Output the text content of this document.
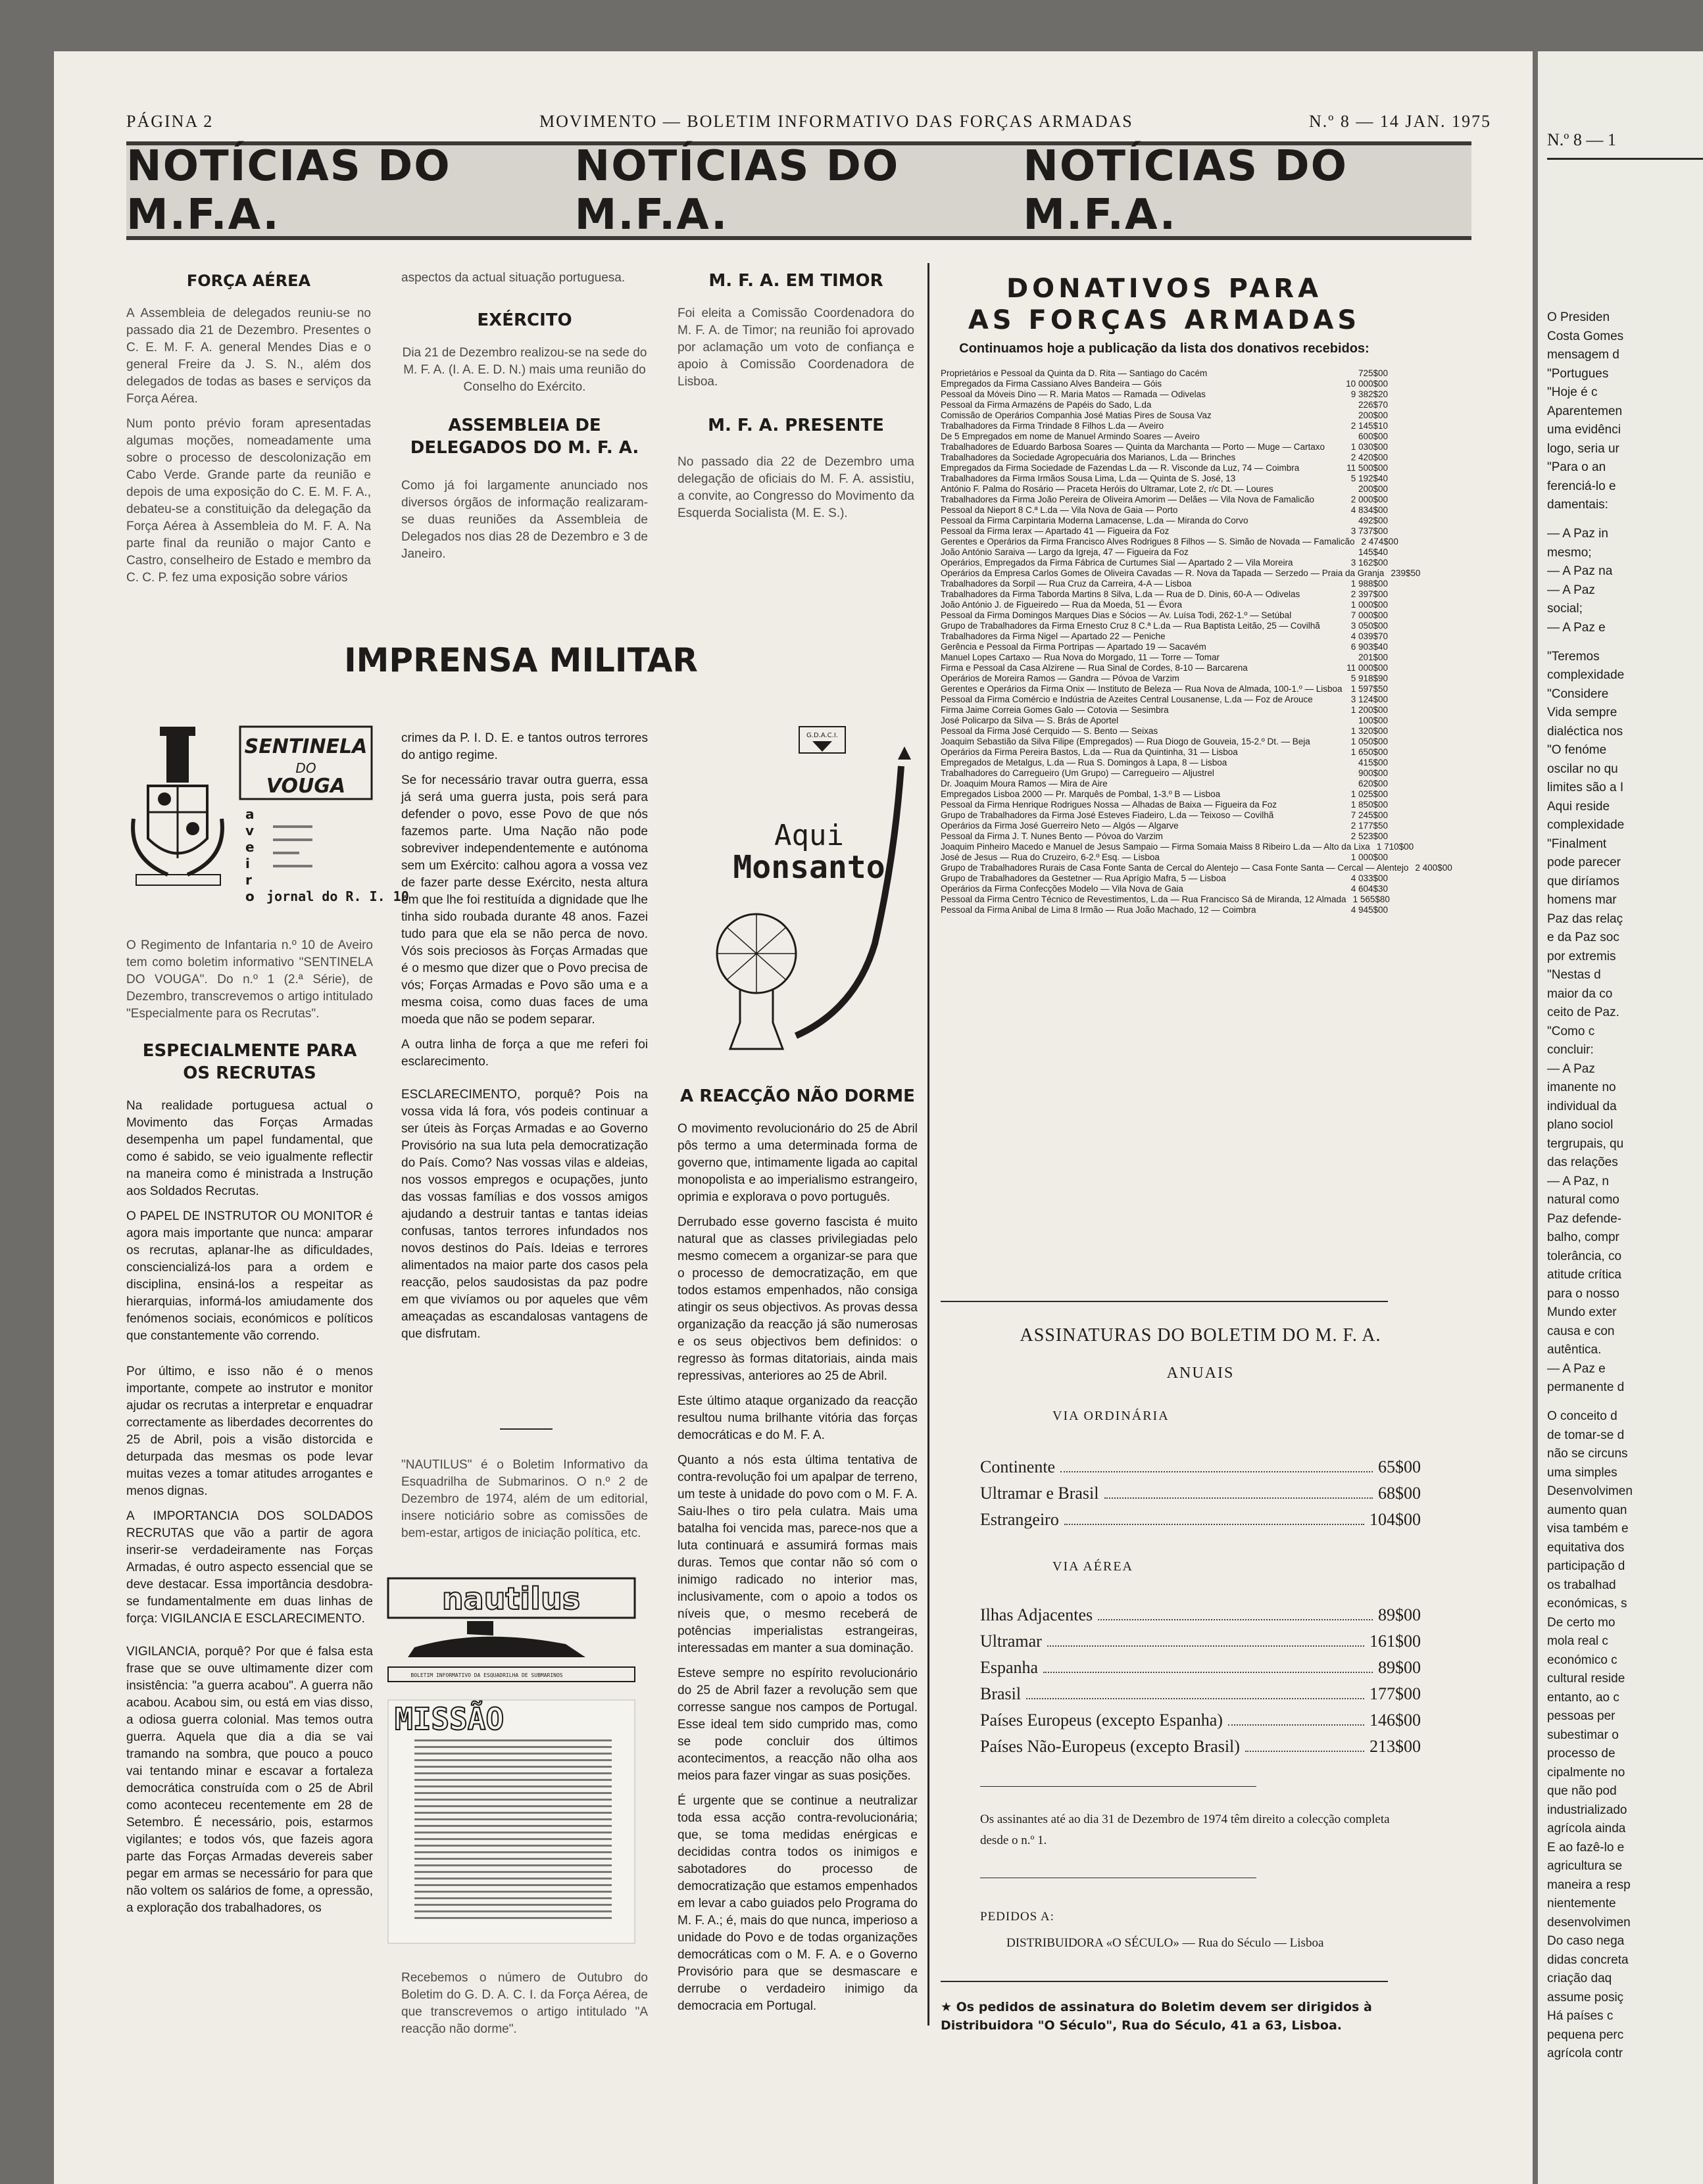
PÁGINA 2	MOVIMENTO — BOLETIM INFORMATIVO DAS FORÇAS ARMADAS	N.º 8 — 14 JAN. 1975
NOTÍCIAS DO M.F.A.
NOTÍCIAS DO M.F.A.
NOTÍCIAS DO M.F.A.

FORÇA AÉREA

A Assembleia de delegados reuniu-se no passado dia 21 de Dezembro. Presentes o C. E. M. F. A. general Mendes Dias e o general Freire da J. S. N., além dos delegados de todas as bases e serviços da Força Aérea.

Num ponto prévio foram apresentadas algumas moções, nomeadamente uma sobre o processo de descolonização em Cabo Verde. Grande parte da reunião e depois de uma exposição do C. E. M. F. A., debateu-se a constituição da delegação da Força Aérea à Assembleia do M. F. A. Na parte final da reunião o major Canto e Castro, conselheiro de Estado e membro da C. C. P. fez uma exposição sobre vários

aspectos da actual situação portuguesa.

EXÉRCITO

Dia 21 de Dezembro realizou-se na sede do M. F. A. (I. A. E. D. N.) mais uma reunião do Conselho do Exército.

ASSEMBLEIA DE DELEGADOS DO M. F. A.

Como já foi largamente anunciado nos diversos órgãos de informação realizaram-se duas reuniões da Assembleia de Delegados nos dias 28 de Dezembro e 3 de Janeiro.

M. F. A. EM TIMOR

Foi eleita a Comissão Coordenadora do M. F. A. de Timor; na reunião foi aprovado por aclamação um voto de confiança e apoio à Comissão Coordenadora de Lisboa.

M. F. A. PRESENTE

No passado dia 22 de Dezembro uma delegação de oficiais do M. F. A. assistiu, a convite, ao Congresso do Movimento da Esquerda Socialista (M. E. S.).

IMPRENSA MILITAR
SENTINELA
DO
VOUGA
a
v
e
i
r
o jornal do R. I. 10

O Regimento de Infantaria n.º 10 de Aveiro tem como boletim informativo "SENTINELA DO VOUGA". Do n.º 1 (2.ª Série), de Dezembro, transcrevemos o artigo intitulado "Especialmente para os Recrutas".

ESPECIALMENTE PARA OS RECRUTAS

Na realidade portuguesa actual o Movimento das Forças Armadas desempenha um papel fundamental, que como é sabido, se veio igualmente reflectir na maneira como é ministrada a Instrução aos Soldados Recrutas.

O PAPEL DE INSTRUTOR OU MONITOR é agora mais importante que nunca: amparar os recrutas, aplanar-lhe as dificuldades, consciencializá-los para a ordem e disciplina, ensiná-los a respeitar as hierarquias, informá-los amiudamente dos fenómenos sociais, económicos e políticos que constantemente vão correndo.

Por último, e isso não é o menos importante, compete ao instrutor e monitor ajudar os recrutas a interpretar e enquadrar correctamente as liberdades decorrentes do 25 de Abril, pois a visão distorcida e deturpada das mesmas os pode levar muitas vezes a tomar atitudes arrogantes e menos dignas.

A IMPORTANCIA DOS SOLDADOS RECRUTAS que vão a partir de agora inserir-se verdadeiramente nas Forças Armadas, é outro aspecto essencial que se deve destacar. Essa importância desdobra-se fundamentalmente em duas linhas de força: VIGILANCIA E ESCLARECIMENTO.

VIGILANCIA, porquê? Por que é falsa esta frase que se ouve ultimamente dizer com insistência: "a guerra acabou". A guerra não acabou. Acabou sim, ou está em vias disso, a odiosa guerra colonial. Mas temos outra guerra. Aquela que dia a dia se vai tramando na sombra, que pouco a pouco vai tentando minar e escavar a fortaleza democrática construída com o 25 de Abril como aconteceu recentemente em 28 de Setembro. É necessário, pois, estarmos vigilantes; e todos vós, que fazeis agora parte das Forças Armadas devereis saber pegar em armas se necessário for para que não voltem os salários de fome, a opressão, a exploração dos trabalhadores, os

crimes da P. I. D. E. e tantos outros terrores do antigo regime.

Se for necessário travar outra guerra, essa já será uma guerra justa, pois será para defender o povo, esse Povo de que nós fazemos parte. Uma Nação não pode sobreviver independentemente e autónoma sem um Exército: calhou agora a vossa vez de fazer parte desse Exército, nesta altura em que lhe foi restituída a dignidade que lhe tinha sido roubada durante 48 anos. Fazei tudo para que ela se não perca de novo. Vós sois preciosos às Forças Armadas que é o mesmo que dizer que o Povo precisa de vós; Forças Armadas e Povo são uma e a mesma coisa, como duas faces de uma moeda que não se podem separar.

A outra linha de força a que me referi foi esclarecimento.

ESCLARECIMENTO, porquê? Pois na vossa vida lá fora, vós podeis continuar a ser úteis às Forças Armadas e ao Governo Provisório na sua luta pela democratização do País. Como? Nas vossas vilas e aldeias, nos vossos empregos e ocupações, junto das vossas famílias e dos vossos amigos ajudando a destruir tantas e tantas ideias confusas, tantos terrores infundados nos novos destinos do País. Ideias e terrores alimentados na maior parte dos casos pela reacção, pelos saudosistas da paz podre em que vivíamos ou por aqueles que vêm ameaçadas as escandalosas vantagens de que disfrutam.

"NAUTILUS" é o Boletim Informativo da Esquadrilha de Submarinos. O n.º 2 de Dezembro de 1974, além de um editorial, insere noticiário sobre as comissões de bem-estar, artigos de iniciação política, etc.

nautilus
BOLETIM INFORMATIVO DA ESQUADRILHA DE SUBMARINOS
MISSÃO

Recebemos o número de Outubro do Boletim do G. D. A. C. I. da Força Aérea, de que transcrevemos o artigo intitulado "A reacção não dorme".

G.D.A.C.I.
Aqui
Monsanto

A REACÇÃO NÃO DORME

O movimento revolucionário do 25 de Abril pôs termo a uma determinada forma de governo que, intimamente ligada ao capital monopolista e ao imperialismo estrangeiro, oprimia e explorava o povo português.

Derrubado esse governo fascista é muito natural que as classes privilegiadas pelo mesmo comecem a organizar-se para que o processo de democratização, em que todos estamos empenhados, não consiga atingir os seus objectivos. As provas dessa organização da reacção já são numerosas e os seus objectivos bem definidos: o regresso às formas ditatoriais, ainda mais repressivas, anteriores ao 25 de Abril.

Este último ataque organizado da reacção resultou numa brilhante vitória das forças democráticas e do M. F. A.

Quanto a nós esta última tentativa de contra-revolução foi um apalpar de terreno, um teste à unidade do povo com o M. F. A. Saiu-lhes o tiro pela culatra. Mais uma batalha foi vencida mas, parece-nos que a luta continuará e assumirá formas mais duras. Temos que contar não só com o inimigo radicado no interior mas, inclusivamente, com o apoio a todos os níveis que, o mesmo receberá de potências imperialistas estrangeiras, interessadas em manter a sua dominação.

Esteve sempre no espírito revolucionário do 25 de Abril fazer a revolução sem que corresse sangue nos campos de Portugal. Esse ideal tem sido cumprido mas, como se pode concluir dos últimos acontecimentos, a reacção não olha aos meios para fazer vingar as suas posições.

É urgente que se continue a neutralizar toda essa acção contra-revolucionária; que, se toma medidas enérgicas e decididas contra todos os inimigos e sabotadores do processo de democratização que estamos empenhados em levar a cabo guiados pelo Programa do M. F. A.; é, mais do que nunca, imperioso a unidade do Povo e de todas organizações democráticas com o M. F. A. e o Governo Provisório para que se desmascare e derrube o verdadeiro inimigo da democracia em Portugal.

DONATIVOS PARA
AS FORÇAS ARMADAS
Continuamos hoje a publicação da lista dos donativos recebidos:
Proprietários e Pessoal da Quinta da D. Rita — Santiago do Cacém	725$00
Empregados da Firma Cassiano Alves Bandeira — Góis	10 000$00
Pessoal da Móveis Dino — R. Maria Matos — Ramada — Odivelas	9 382$20
Pessoal da Firma Armazéns de Papéis do Sado, L.da	226$70
Comissão de Operários Companhia José Matias Pires de Sousa Vaz	200$00
Trabalhadores da Firma Trindade 8 Filhos L.da — Aveiro	2 145$10
De 5 Empregados em nome de Manuel Armindo Soares — Aveiro	600$00
Trabalhadores de Eduardo Barbosa Soares — Quinta da Marchanta — Porto — Muge — Cartaxo	1 030$00
Trabalhadores da Sociedade Agropecuária dos Marianos, L.da — Brinches	2 420$00
Empregados da Firma Sociedade de Fazendas L.da — R. Visconde da Luz, 74 — Coimbra	11 500$00
Trabalhadores da Firma Irmãos Sousa Lima, L.da — Quinta de S. José, 13	5 192$40
António F. Palma do Rosário — Praceta Heróis do Ultramar, Lote 2, r/c Dt. — Loures	200$00
Trabalhadores da Firma João Pereira de Oliveira Amorim — Delães — Vila Nova de Famalicão	2 000$00
Pessoal da Nieport 8 C.ª L.da — Vila Nova de Gaia — Porto	4 834$00
Pessoal da Firma Carpintaria Moderna Lamacense, L.da — Miranda do Corvo	492$00
Pessoal da Firma Ierax — Apartado 41 — Figueira da Foz	3 737$00
Gerentes e Operários da Firma Francisco Alves Rodrigues 8 Filhos — S. Simão de Novada — Famalicão 2 474$00
João António Saraiva — Largo da Igreja, 47 — Figueira da Foz	145$40
Operários, Empregados da Firma Fábrica de Curtumes Sial — Apartado 2 — Vila Moreira	3 162$00
Operários da Empresa Carlos Gomes de Oliveira Cavadas — R. Nova da Tapada — Serzedo — Praia da Granja 239$50
Trabalhadores da Sorpil — Rua Cruz da Carreira, 4-A — Lisboa	1 988$00
Trabalhadores da Firma Taborda Martins 8 Silva, L.da — Rua de D. Dinis, 60-A — Odivelas	2 397$00
João António J. de Figueiredo — Rua da Moeda, 51 — Évora	1 000$00
Pessoal da Firma Domingos Marques Dias e Sócios — Av. Luísa Todi, 262-1.º — Setúbal	7 000$00
Grupo de Trabalhadores da Firma Ernesto Cruz 8 C.ª L.da — Rua Baptista Leitão, 25 — Covilhã	3 050$00
Trabalhadores da Firma Nigel — Apartado 22 — Peniche	4 039$70
Gerência e Pessoal da Firma Portripas — Apartado 19 — Sacavém	6 903$40
Manuel Lopes Cartaxo — Rua Nova do Morgado, 11 — Torre — Tomar	201$00
Firma e Pessoal da Casa Alzirene — Rua Sinal de Cordes, 8-10 — Barcarena	11 000$00
Operários de Moreira Ramos — Gandra — Póvoa de Varzim	5 918$90
Gerentes e Operários da Firma Onix — Instituto de Beleza — Rua Nova de Almada, 100-1.º — Lisboa 1 597$50
Pessoal da Firma Comércio e Indústria de Azeites Central Lousanense, L.da — Foz de Arouce	3 124$00
Firma Jaime Correia Gomes Galo — Cotovia — Sesimbra	1 200$00
José Policarpo da Silva — S. Brás de Aportel	100$00
Pessoal da Firma José Cerquido — S. Bento — Seixas	1 320$00
Joaquim Sebastião da Silva Filipe (Empregados) — Rua Diogo de Gouveia, 15-2.º Dt. — Beja	1 050$00
Operários da Firma Pereira Bastos, L.da — Rua da Quintinha, 31 — Lisboa	1 650$00
Empregados de Metalgus, L.da — Rua S. Domingos à Lapa, 8 — Lisboa	415$00
Trabalhadores do Carregueiro (Um Grupo) — Carregueiro — Aljustrel	900$00
Dr. Joaquim Moura Ramos — Mira de Aire	620$00
Empregados Lisboa 2000 — Pr. Marquês de Pombal, 1-3.º B — Lisboa	1 025$00
Pessoal da Firma Henrique Rodrigues Nossa — Alhadas de Baixa — Figueira da Foz	1 850$00
Grupo de Trabalhadores da Firma José Esteves Fiadeiro, L.da — Teixoso — Covilhã	7 245$00
Operários da Firma José Guerreiro Neto — Algós — Algarve	2 177$50
Pessoal da Firma J. T. Nunes Bento — Póvoa do Varzim	2 523$00
Joaquim Pinheiro Macedo e Manuel de Jesus Sampaio — Firma Somaia Maiss 8 Ribeiro L.da — Alto da Lixa 1 710$00
José de Jesus — Rua do Cruzeiro, 6-2.º Esq. — Lisboa	1 000$00
Grupo de Trabalhadores Rurais de Casa Fonte Santa de Cercal do Alentejo — Casa Fonte Santa — Cercal — Alentejo 2 400$00
Grupo de Trabalhadores da Gestetner — Rua Aprígio Mafra, 5 — Lisboa	4 033$00
Operários da Firma Confecções Modelo — Vila Nova de Gaia	4 604$30
Pessoal da Firma Centro Técnico de Revestimentos, L.da — Rua Francisco Sá de Miranda, 12 Almada 1 565$80
Pessoal da Firma Anibal de Lima 8 Irmão — Rua João Machado, 12 — Coimbra	4 945$00
ASSINATURAS DO BOLETIM DO M. F. A.
ANUAIS
VIA ORDINÁRIA
Continente	65$00
Ultramar e Brasil	68$00
Estrangeiro	104$00
VIA AÉREA
Ilhas Adjacentes	89$00
Ultramar	161$00
Espanha	89$00
Brasil	177$00
Países Europeus (excepto Espanha)	146$00
Países Não-Europeus (excepto Brasil)	213$00
Os assinantes até ao dia 31 de Dezembro de 1974 têm direito a colecção completa desde o n.º 1.
PEDIDOS A:
DISTRIBUIDORA «O SÉCULO» — Rua do Século — Lisboa
★ Os pedidos de assinatura do Boletim devem ser dirigidos à Distribuidora "O Século", Rua do Século, 41 a 63, Lisboa.
N.º 8 — 1
O Presiden
Costa Gomes
mensagem d
"Portugues
"Hoje é c
Aparentemen
uma evidênci
logo, seria ur
"Para o an
ferenciá-lo e
damentais:
— A Paz in
mesmo;
— A Paz na
— A Paz
social;
— A Paz e
"Teremos
complexidade
"Considere
Vida sempre
dialéctica nos
"O fenóme
oscilar no qu
limites são a I
Aqui reside
complexidade
"Finalment
pode parecer
que diríamos
homens mar
Paz das relaç
e da Paz soc
por extremis
"Nestas d
maior da co
ceito de Paz.
"Como c
concluir:
— A Paz
imanente no
individual da
plano sociol
tergrupais, qu
das relações
— A Paz, n
natural como
Paz defende-
balho, compr
tolerância, co
atitude crítica
para o nosso
Mundo exter
causa e con
autêntica.
— A Paz e
permanente d
O conceito d
de tomar-se d
não se circuns
uma simples
Desenvolvimen
aumento quan
visa também e
equitativa dos
participação d
os trabalhad
económicas, s
De certo mo
mola real c
económico c
cultural reside
entanto, ao c
pessoas per
subestimar o
processo de
cipalmente no
que não pod
industrializado
agrícola ainda
E ao fazê-lo e
agricultura se
maneira a resp
nientemente
desenvolvimen
Do caso nega
didas concreta
criação daq
assume posiç
Há países c
pequena perc
agrícola contr
